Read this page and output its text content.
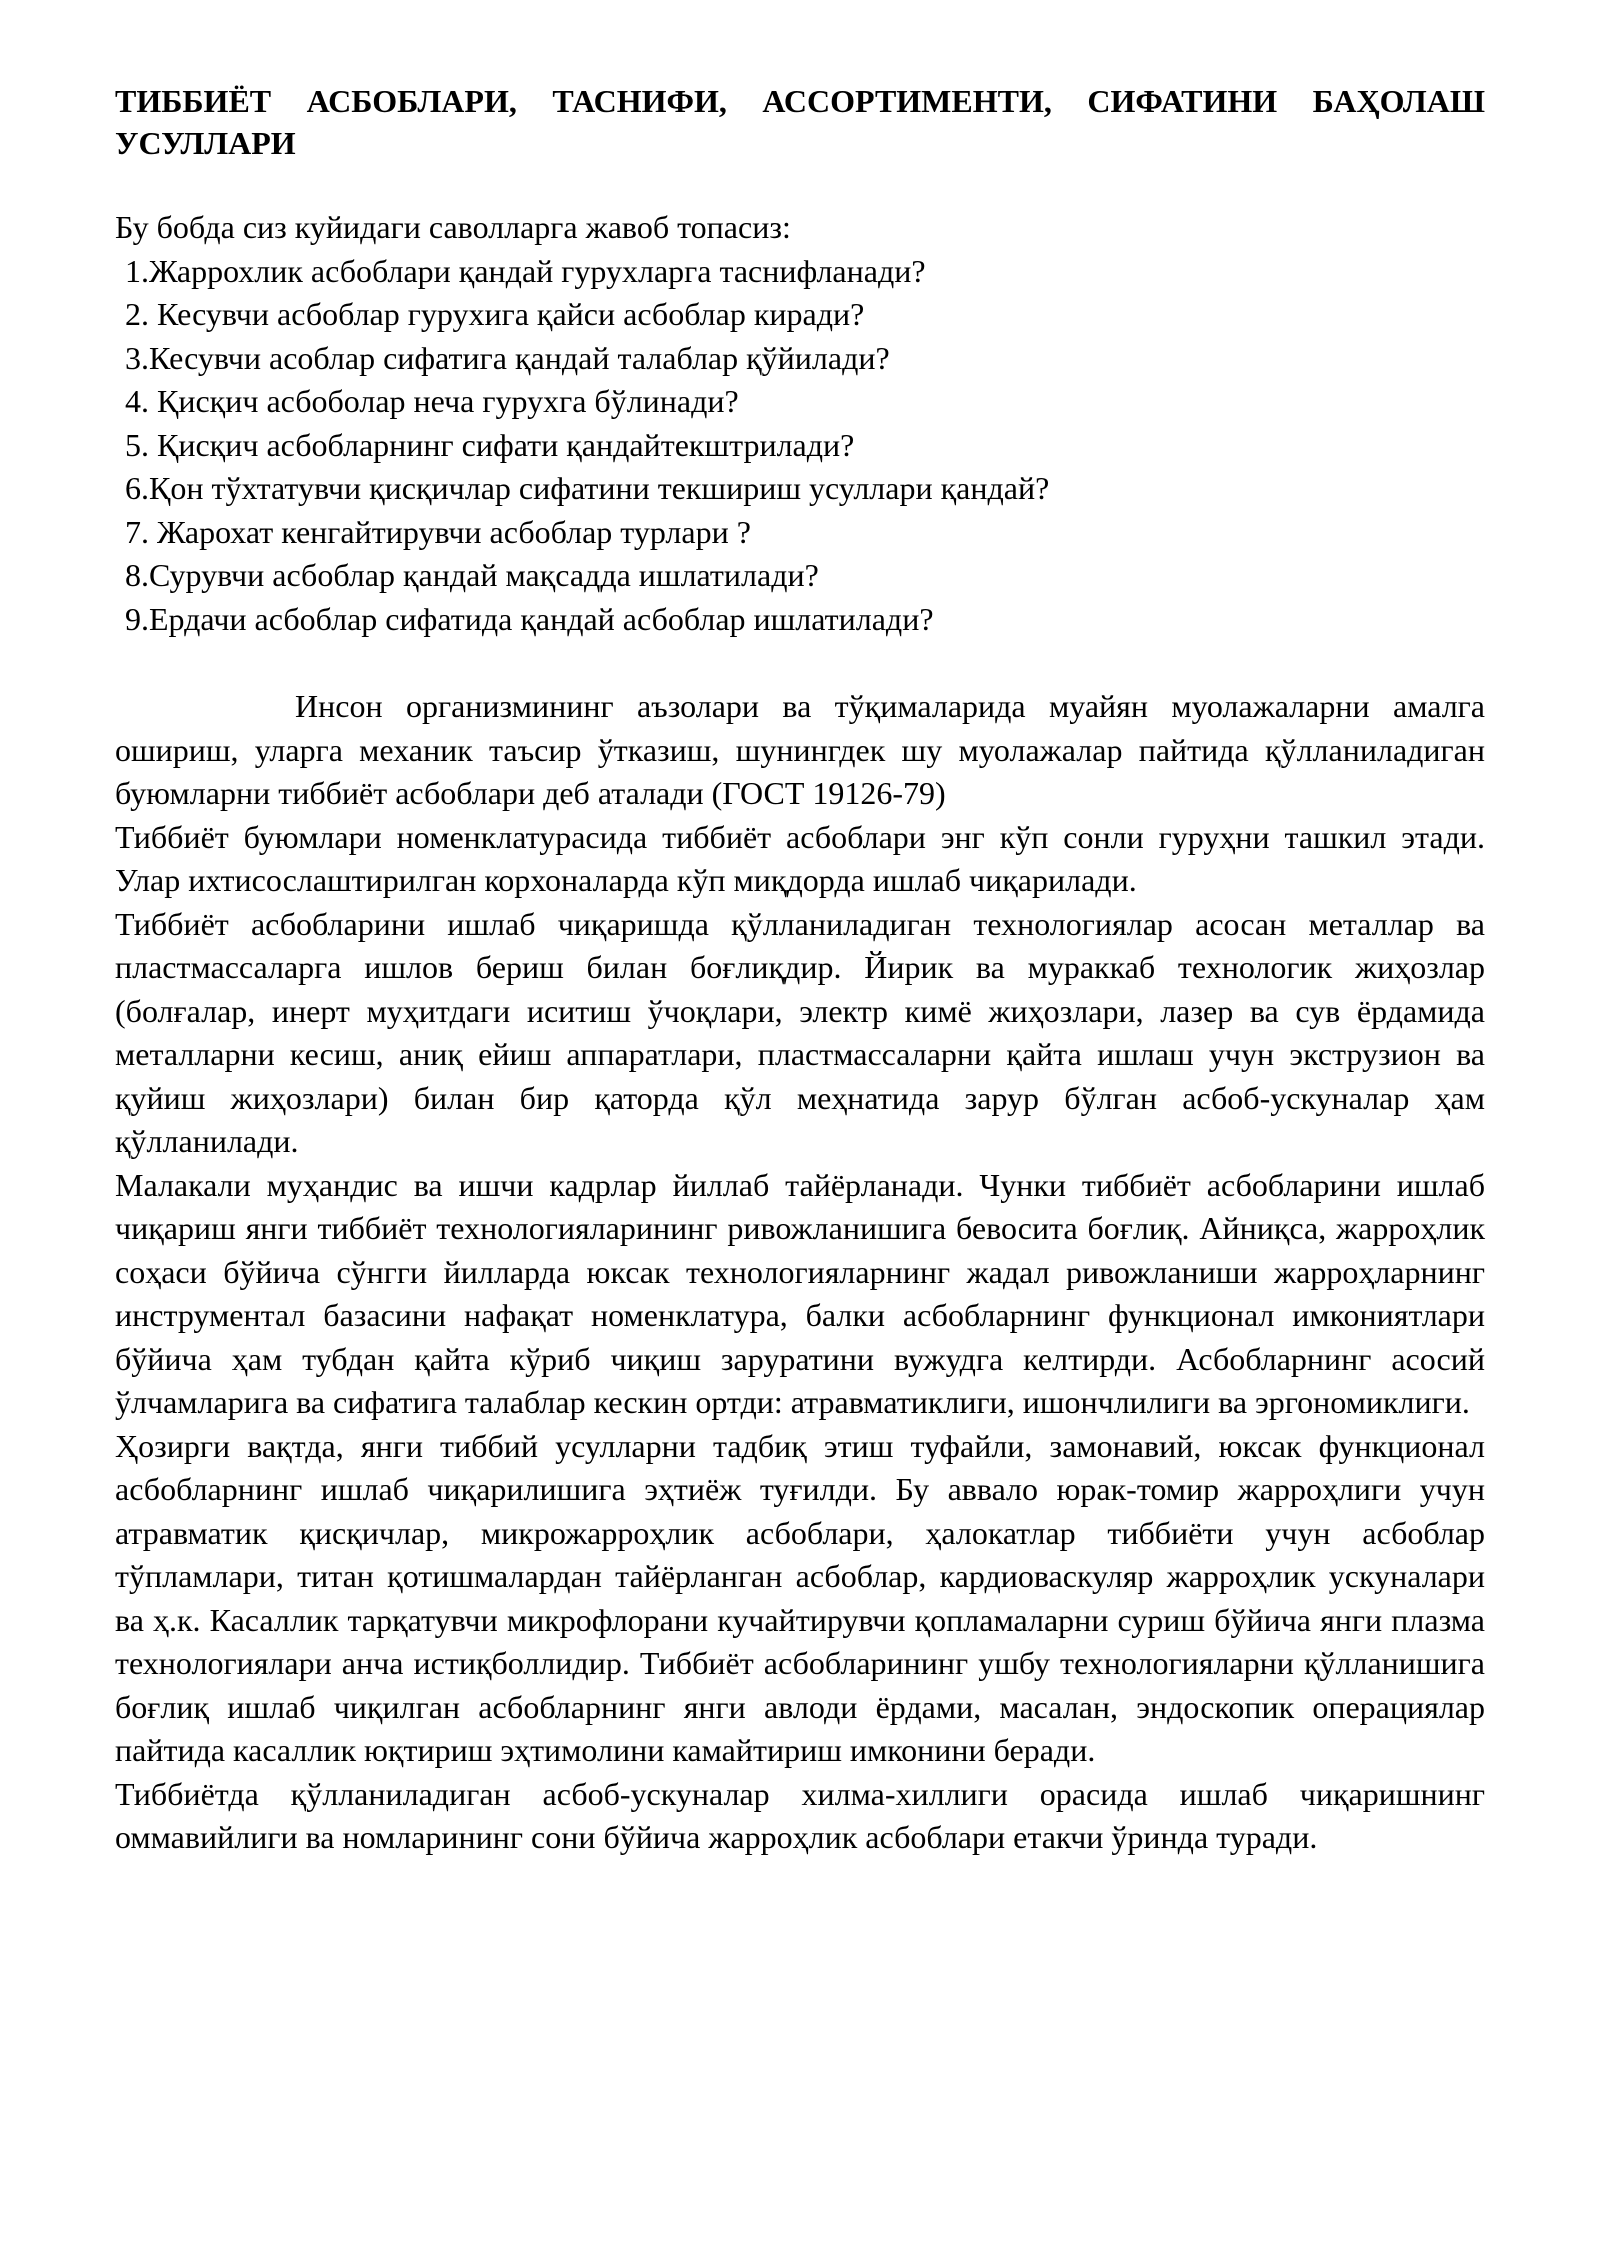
ТИББИЁТ АСБОБЛАРИ, ТАСНИФИ, АССОРТИМЕНТИ, СИФАТИНИ БАҲОЛАШ УСУЛЛАРИ

Бу бобда сиз куйидаги саволларга жавоб топасиз:

1.Жаррохлик асбоблари қандай гурухларга таснифланади?
2. Кесувчи асбоблар гурухига қайси асбоблар киради?
3.Кесувчи асоблар сифатига қандай талаблар қўйилади?
4. Қисқич асбоболар неча гурухга бўлинади?
5. Қисқич асбобларнинг сифати қандайтекштрилади?
6.Қон тўхтатувчи қисқичлар сифатини текшириш усуллари қандай?
7. Жарохат кенгайтирувчи асбоблар турлари ?
8.Сурувчи асбоблар қандай мақсадда ишлатилади?
9.Ердачи асбоблар сифатида қандай асбоблар ишлатилади?

Инсон организмининг аъзолари ва тўқималарида муайян муолажаларни амалга ошириш, уларга механик таъсир ўтказиш, шунингдек шу муолажалар пайтида қўлланиладиган буюмларни тиббиёт асбоблари деб аталади (ГОСТ 19126-79)

Тиббиёт буюмлари номенклатурасида тиббиёт асбоблари энг кўп сонли гуруҳни ташкил этади. Улар ихтисослаштирилган корхоналарда кўп миқдорда ишлаб чиқарилади.

Тиббиёт асбобларини ишлаб чиқаришда қўлланиладиган технологиялар асосан металлар ва пластмассаларга ишлов бериш билан боғлиқдир. Йирик ва мураккаб технологик жиҳозлар (болғалар, инерт муҳитдаги иситиш ўчоқлари, электр кимё жиҳозлари, лазер ва сув ёрдамида металларни кесиш, аниқ ейиш аппаратлари, пластмассаларни қайта ишлаш учун экструзион ва қуйиш жиҳозлари) билан бир қаторда қўл меҳнатида зарур бўлган асбоб-ускуналар ҳам қўлланилади.

Малакали муҳандис ва ишчи кадрлар йиллаб тайёрланади. Чунки тиббиёт асбобларини ишлаб чиқариш янги тиббиёт технологияларининг ривожланишига бевосита боғлиқ. Айниқса, жарроҳлик соҳаси бўйича сўнгги йилларда юксак технологияларнинг жадал ривожланиши жарроҳларнинг инструментал базасини нафақат номенклатура, балки асбобларнинг функционал имкониятлари бўйича ҳам тубдан қайта кўриб чиқиш заруратини вужудга келтирди. Асбобларнинг асосий ўлчамларига ва сифатига талаблар кескин ортди: атравматиклиги, ишончлилиги ва эргономиклиги.

Ҳозирги вақтда, янги тиббий усулларни тадбиқ этиш туфайли, замонавий, юксак функционал асбобларнинг ишлаб чиқарилишига эҳтиёж туғилди. Бу аввало юрак-томир жарроҳлиги учун атравматик қисқичлар, микрожарроҳлик асбоблари, ҳалокатлар тиббиёти учун асбоблар тўпламлари, титан қотишмалардан тайёрланган асбоблар, кардиоваскуляр жарроҳлик ускуналари ва ҳ.к. Касаллик тарқатувчи микрофлорани кучайтирувчи қопламаларни суриш бўйича янги плазма технологиялари анча истиқболлидир. Тиббиёт асбобларининг ушбу технологияларни қўлланишига боғлиқ ишлаб чиқилган асбобларнинг янги авлоди ёрдами, масалан, эндоскопик операциялар пайтида касаллик юқтириш эҳтимолини камайтириш имконини беради.

Тиббиётда қўлланиладиган асбоб-ускуналар хилма-хиллиги орасида ишлаб чиқаришнинг оммавийлиги ва номларининг сони бўйича жарроҳлик асбоблари етакчи ўринда туради.
